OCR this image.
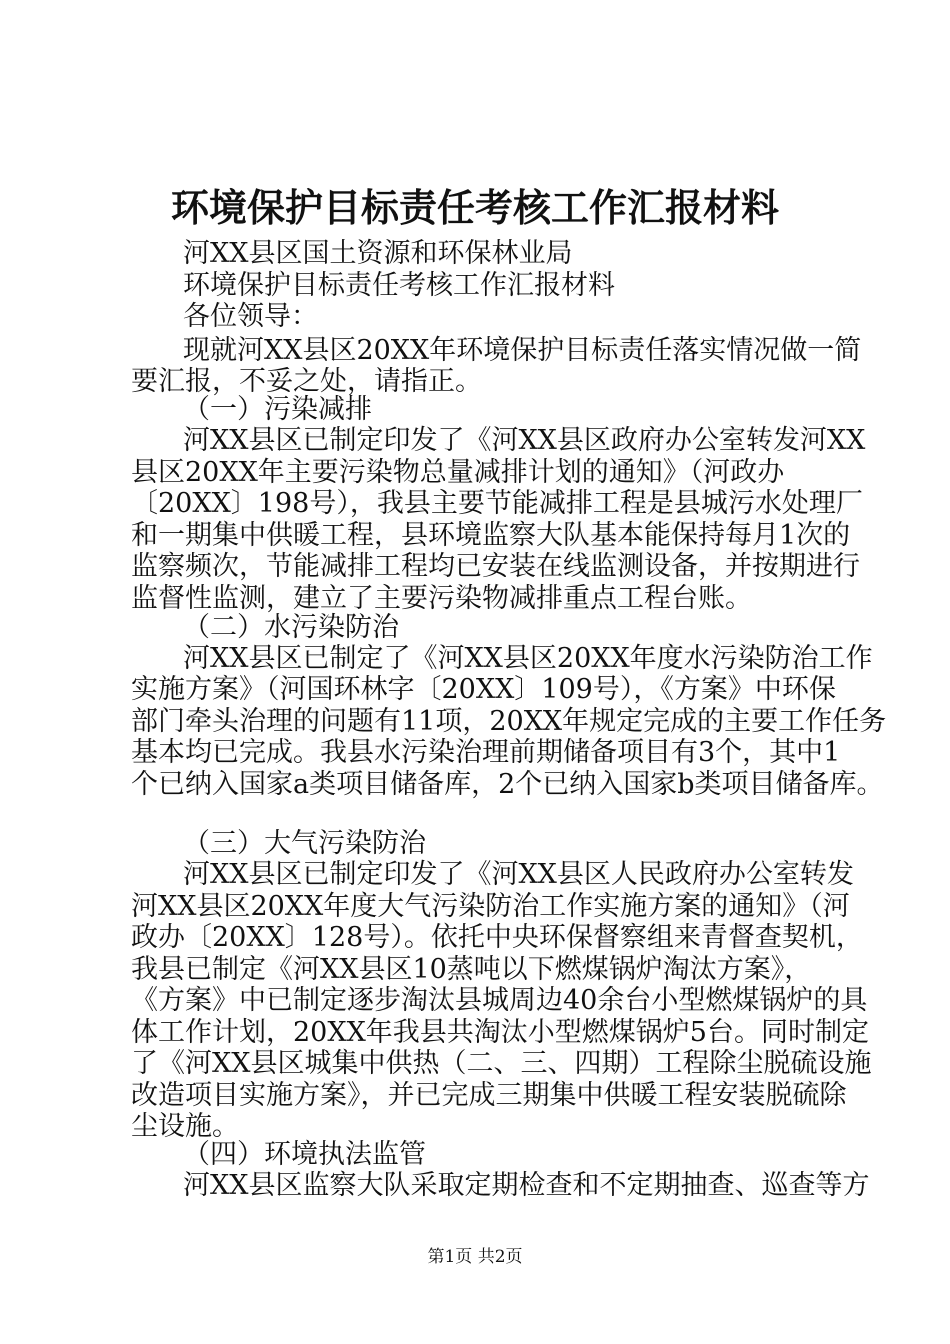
环境保护目标责任考核工作汇报材料
河XX县区国土资源和环保林业局
环境保护目标责任考核工作汇报材料
各位领导：
现就河XX县区20XX年环境保护目标责任落实情况做一简
要汇报，不妥之处，请指正。
（一）污染减排
河XX县区已制定印发了《河XX县区政府办公室转发河XX
县区20XX年主要污染物总量减排计划的通知》（河政办
〔20XX〕198号），我县主要节能减排工程是县城污水处理厂
和一期集中供暖工程，县环境监察大队基本能保持每月1次的
监察频次，节能减排工程均已安装在线监测设备，并按期进行
监督性监测，建立了主要污染物减排重点工程台账。
（二）水污染防治
河XX县区已制定了《河XX县区20XX年度水污染防治工作
实施方案》（河国环林字〔20XX〕109号），《方案》中环保
部门牵头治理的问题有11项，20XX年规定完成的主要工作任务
基本均已完成。我县水污染治理前期储备项目有3个，其中1
个已纳入国家a类项目储备库，2个已纳入国家b类项目储备库。
（三）大气污染防治
河XX县区已制定印发了《河XX县区人民政府办公室转发
河XX县区20XX年度大气污染防治工作实施方案的通知》（河
政办〔20XX〕128号）。依托中央环保督察组来青督查契机，
我县已制定《河XX县区10蒸吨以下燃煤锅炉淘汰方案》，
《方案》中已制定逐步淘汰县城周边40余台小型燃煤锅炉的具
体工作计划，20XX年我县共淘汰小型燃煤锅炉5台。同时制定
了《河XX县区城集中供热（二、三、四期）工程除尘脱硫设施
改造项目实施方案》，并已完成三期集中供暖工程安装脱硫除
尘设施。
（四）环境执法监管
河XX县区监察大队采取定期检查和不定期抽查、巡查等方
第1页 共2页
